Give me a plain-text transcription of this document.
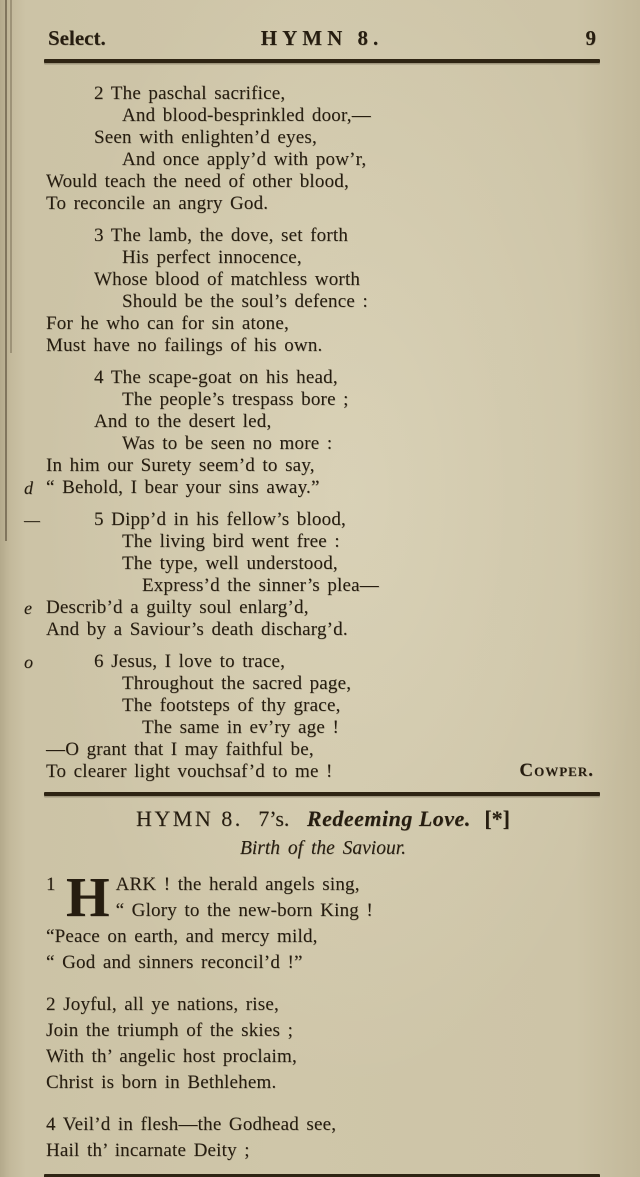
Select.	HYMN 8.	9
2 The paschal sacrifice,
And blood-besprinkled door,—
Seen with enlighten’d eyes,
And once apply’d with pow’r,
Would teach the need of other blood,
To reconcile an angry God.
3 The lamb, the dove, set forth
His perfect innocence,
Whose blood of matchless worth
Should be the soul’s defence :
For he who can for sin atone,
Must have no failings of his own.
4 The scape-goat on his head,
The people’s trespass bore ;
And to the desert led,
Was to be seen no more :
In him our Surety seem’d to say,
d “ Behold, I bear your sins away.”
—	5 Dipp’d in his fellow’s blood,
The living bird went free :
The type, well understood,
Express’d the sinner’s plea—
e Describ’d a guilty soul enlarg’d,
And by a Saviour’s death discharg’d.
o	6 Jesus, I love to trace,
Throughout the sacred page,
The footsteps of thy grace,
The same in ev’ry age !
—O grant that I may faithful be,
To clearer light vouchsaf’d to me !	Cowper.
HYMN 8. 7’s. Redeeming Love. [*]
Birth of the Saviour.
1 H ARK ! the herald angels sing,
“ Glory to the new-born King !
“Peace on earth, and mercy mild,
“ God and sinners reconcil’d !”
2 Joyful, all ye nations, rise,
Join the triumph of the skies ;
With th’ angelic host proclaim,
Christ is born in Bethlehem.
4 Veil’d in flesh—the Godhead see,
Hail th’ incarnate Deity ;
